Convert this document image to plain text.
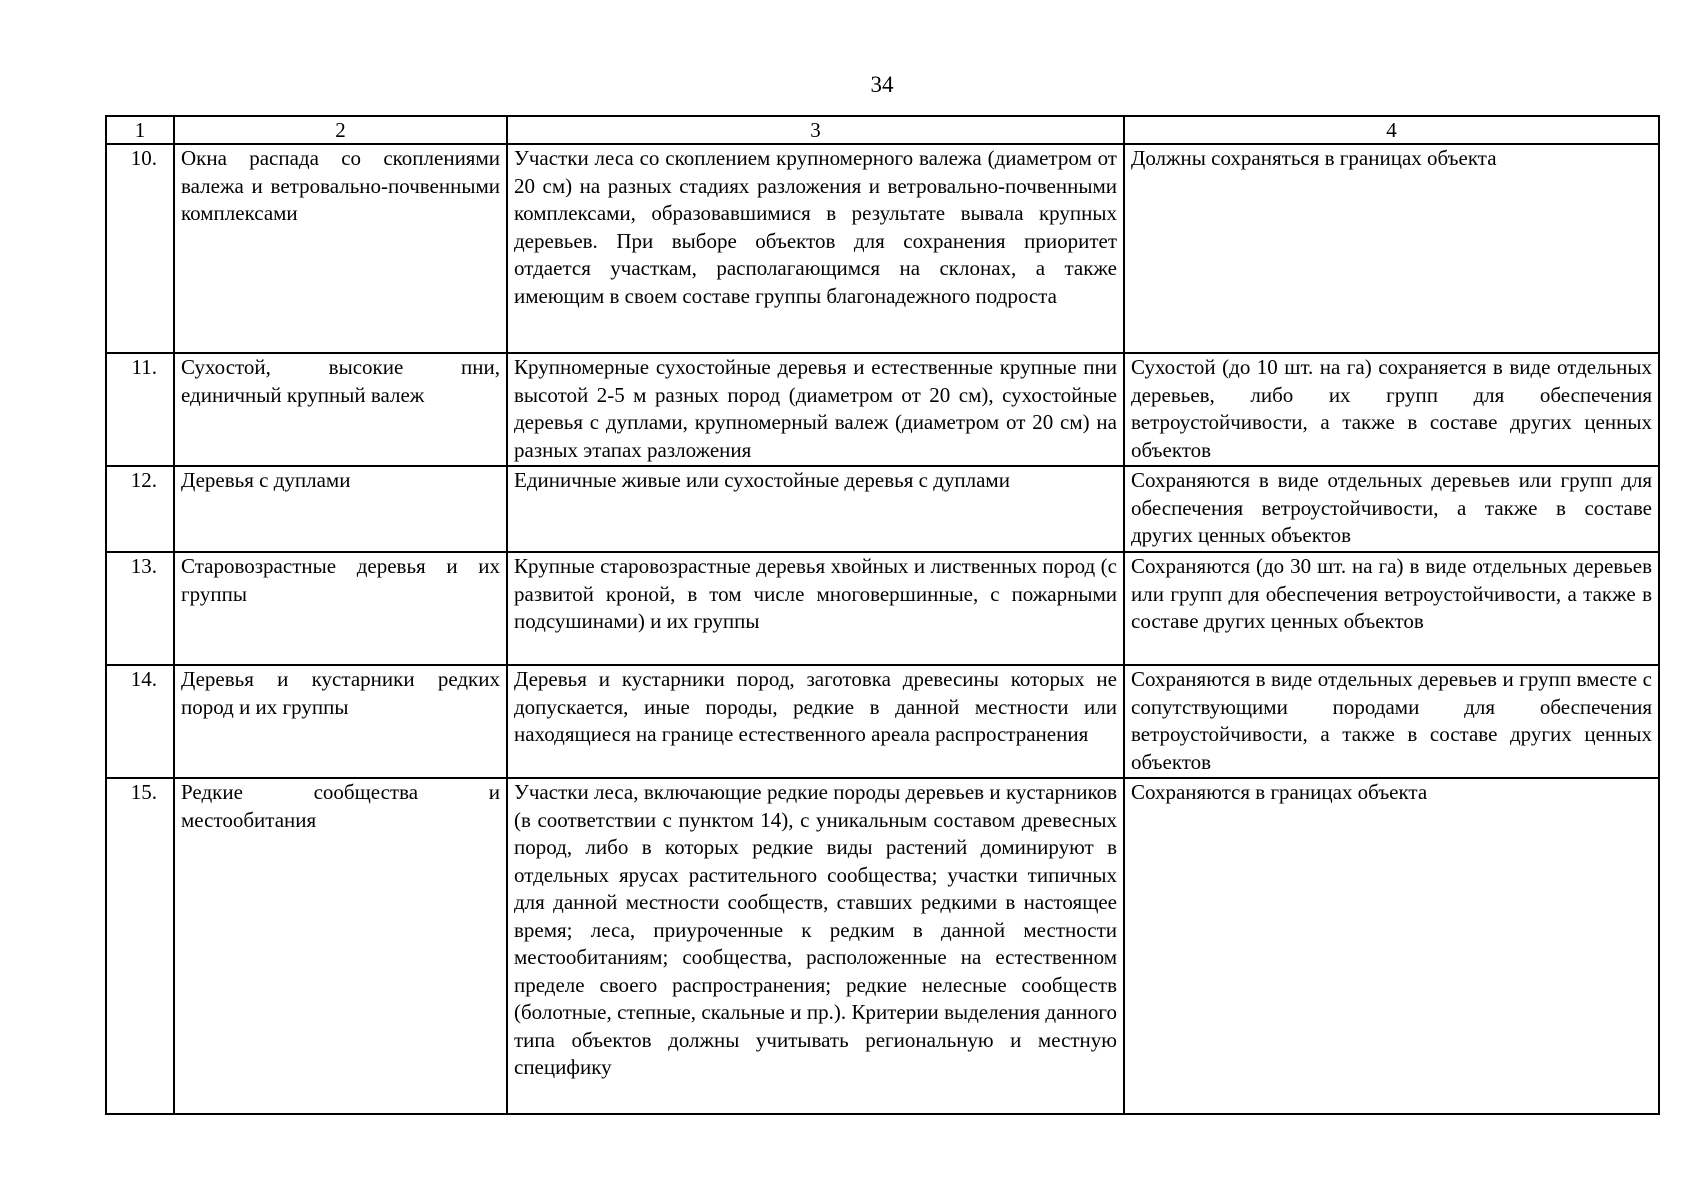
34
1	2	3	4
10.	Окна распада со скоплениями валежа и ветровально-почвенными комплексами	Участки леса со скоплением крупномерного валежа (диаметром от 20 см) на разных стадиях разложения и ветровально-почвенными комплексами, образовавшимися в результате вывала крупных деревьев. При выборе объектов для сохранения приоритет отдается участкам, располагающимся на склонах, а также имеющим в своем составе группы благонадежного подроста	Должны сохраняться в границах объекта
11.	Сухостой, высокие пни, единичный крупный валеж	Крупномерные сухостойные деревья и естественные крупные пни высотой 2-5 м разных пород (диаметром от 20 см), сухостойные деревья с дуплами, крупномерный валеж (диаметром от 20 см) на разных этапах разложения	Сухостой (до 10 шт. на га) сохраняется в виде отдельных деревьев, либо их групп для обеспечения ветроустойчивости, а также в составе других ценных объектов
12.	Деревья с дуплами	Единичные живые или сухостойные деревья с дуплами	Сохраняются в виде отдельных деревьев или групп для обеспечения ветроустойчивости, а также в составе других ценных объектов
13.	Старовозрастные деревья и их группы	Крупные старовозрастные деревья хвойных и лиственных пород (с развитой кроной, в том числе многовершинные, с пожарными подсушинами) и их группы	Сохраняются (до 30 шт. на га) в виде отдельных деревьев или групп для обеспечения ветроустойчивости, а также в составе других ценных объектов
14.	Деревья и кустарники редких пород и их группы	Деревья и кустарники пород, заготовка древесины которых не допускается, иные породы, редкие в данной местности или находящиеся на границе естественного ареала распространения	Сохраняются в виде отдельных деревьев и групп вместе с сопутствующими породами для обеспечения ветроустойчивости, а также в составе других ценных объектов
15.	Редкие сообщества и местообитания	Участки леса, включающие редкие породы деревьев и кустарников (в соответствии с пунктом 14), с уникальным составом древесных пород, либо в которых редкие виды растений доминируют в отдельных ярусах растительного сообщества; участки типичных для данной местности сообществ, ставших редкими в настоящее время; леса, приуроченные к редким в данной местности местообитаниям; сообщества, расположенные на естественном пределе своего распространения; редкие нелесные сообществ (болотные, степные, скальные и пр.). Критерии выделения данного типа объектов должны учитывать региональную и местную специфику	Сохраняются в границах объекта
